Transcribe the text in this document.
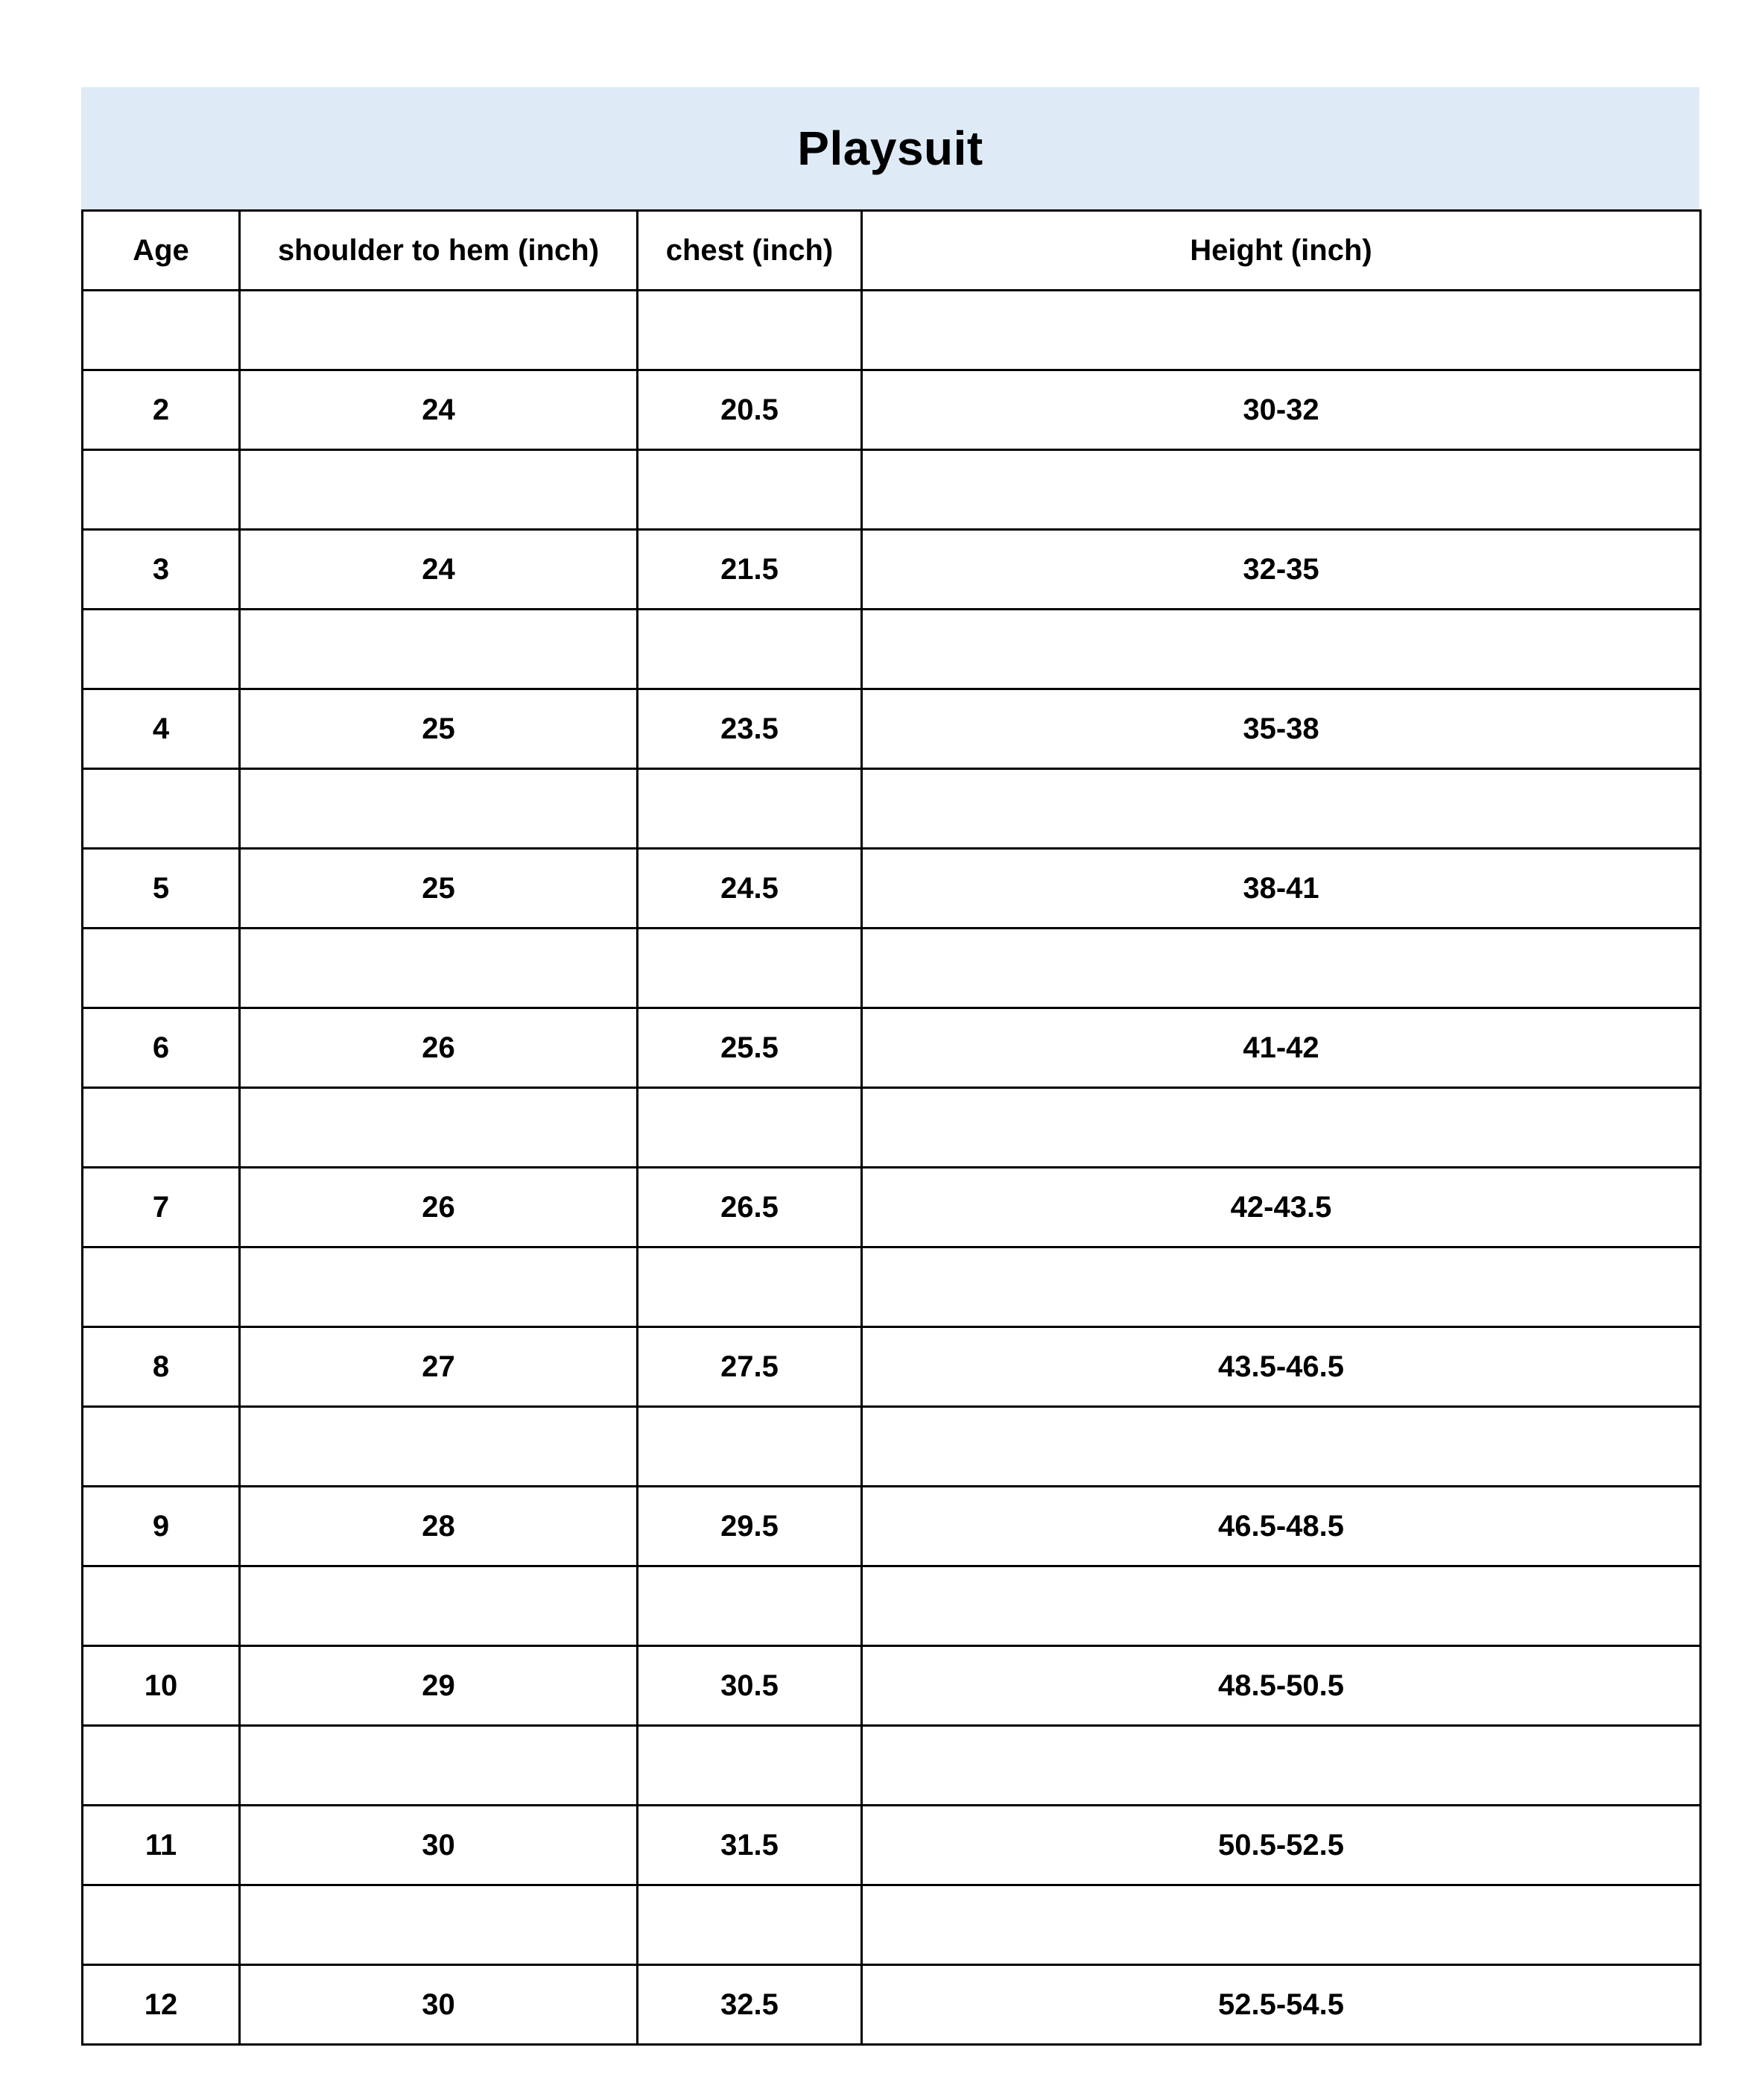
Playsuit
Age	shoulder to hem (inch)	chest (inch)	Height (inch)

2	24	20.5	30-32

3	24	21.5	32-35

4	25	23.5	35-38

5	25	24.5	38-41

6	26	25.5	41-42

7	26	26.5	42-43.5

8	27	27.5	43.5-46.5

9	28	29.5	46.5-48.5

10	29	30.5	48.5-50.5

11	30	31.5	50.5-52.5

12	30	32.5	52.5-54.5
